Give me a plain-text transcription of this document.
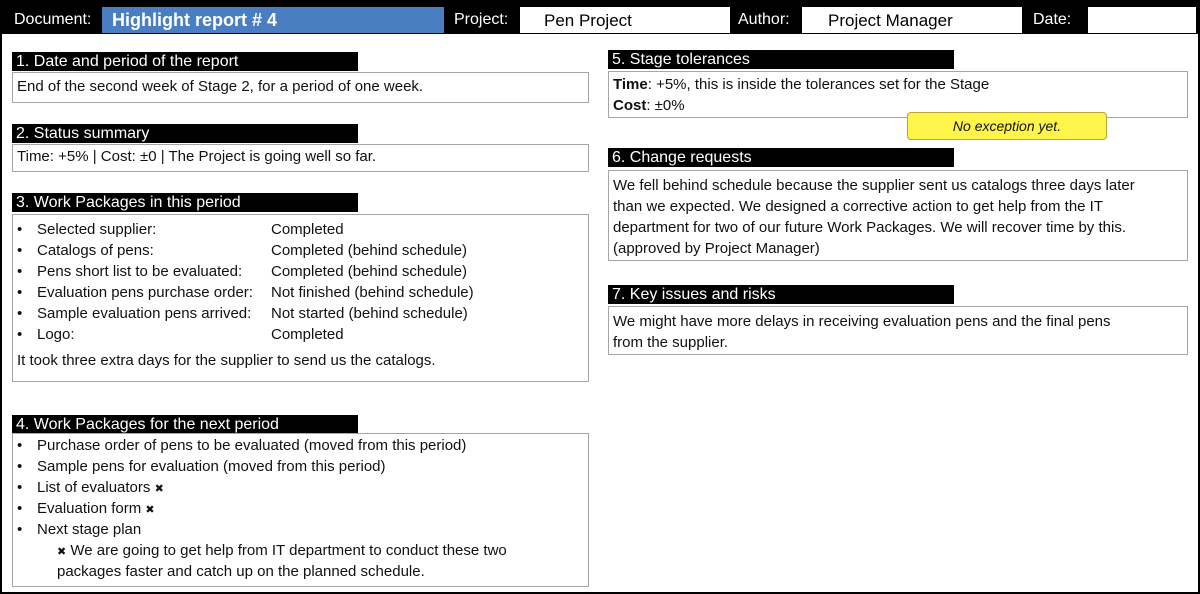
Document:	Highlight report # 4	Project:	Pen Project	Author:	Project Manager	Date:
1. Date and period of the report
End of the second week of Stage 2, for a period of one week.
2. Status summary
Time: +5% | Cost: ±0 | The Project is going well so far.
3. Work Packages in this period
• Selected supplier:	Completed
• Catalogs of pens:	Completed (behind schedule)
• Pens short list to be evaluated: Completed (behind schedule)
• Evaluation pens purchase order: Not finished (behind schedule)
• Sample evaluation pens arrived: Not started (behind schedule)
• Logo:	Completed
It took three extra days for the supplier to send us the catalogs.
4. Work Packages for the next period
• Purchase order of pens to be evaluated (moved from this period)
• Sample pens for evaluation (moved from this period)
• List of evaluators ✖
• Evaluation form ✖
• Next stage plan
✖ We are going to get help from IT department to conduct these two
packages faster and catch up on the planned schedule.
5. Stage tolerances
Time: +5%, this is inside the tolerances set for the Stage
Cost: ±0%
No exception yet.
6. Change requests
We fell behind schedule because the supplier sent us catalogs three days later
than we expected. We designed a corrective action to get help from the IT
department for two of our future Work Packages. We will recover time by this.
(approved by Project Manager)
7. Key issues and risks
We might have more delays in receiving evaluation pens and the final pens
from the supplier.
